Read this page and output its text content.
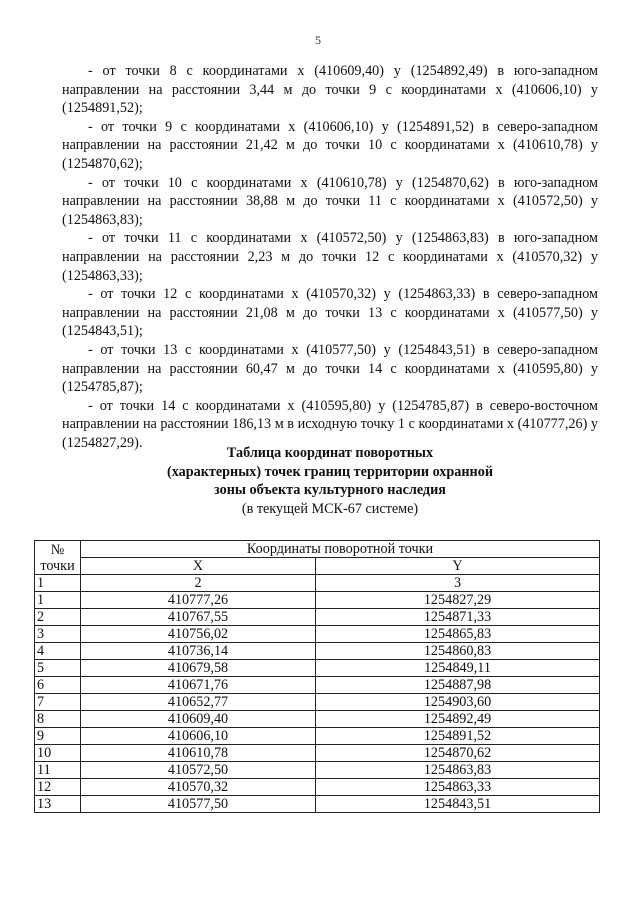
5

- от точки 8 с координатами х (410609,40) у (1254892,49) в юго-западном направлении на расстоянии 3,44 м до точки 9 с координатами х (410606,10) у (1254891,52);

- от точки 9 с координатами х (410606,10) у (1254891,52) в северо-западном направлении на расстоянии 21,42 м до точки 10 с координатами х (410610,78) у (1254870,62);

- от точки 10 с координатами х (410610,78) у (1254870,62) в юго-западном направлении на расстоянии 38,88 м до точки 11 с координатами х (410572,50) у (1254863,83);

- от точки 11 с координатами х (410572,50) у (1254863,83) в юго-западном направлении на расстоянии 2,23 м до точки 12 с координатами х (410570,32) у (1254863,33);

- от точки 12 с координатами х (410570,32) у (1254863,33) в северо-западном направлении на расстоянии 21,08 м до точки 13 с координатами х (410577,50) у (1254843,51);

- от точки 13 с координатами х (410577,50) у (1254843,51) в северо-западном направлении на расстоянии 60,47 м до точки 14 с координатами х (410595,80) у (1254785,87);

- от точки 14 с координатами х (410595,80) у (1254785,87) в северо-восточном направлении на расстоянии 186,13 м в исходную точку 1 с координатами х (410777,26) у (1254827,29).

Таблица координат поворотных
(характерных) точек границ территории охранной
зоны объекта культурного наследия
(в текущей МСК-67 системе)
№
точки	Координаты поворотной точки	
	X	Y
1	2	3
1	410777,26	1254827,29
2	410767,55	1254871,33
3	410756,02	1254865,83
4	410736,14	1254860,83
5	410679,58	1254849,11
6	410671,76	1254887,98
7	410652,77	1254903,60
8	410609,40	1254892,49
9	410606,10	1254891,52
10	410610,78	1254870,62
11	410572,50	1254863,83
12	410570,32	1254863,33
13	410577,50	1254843,51
